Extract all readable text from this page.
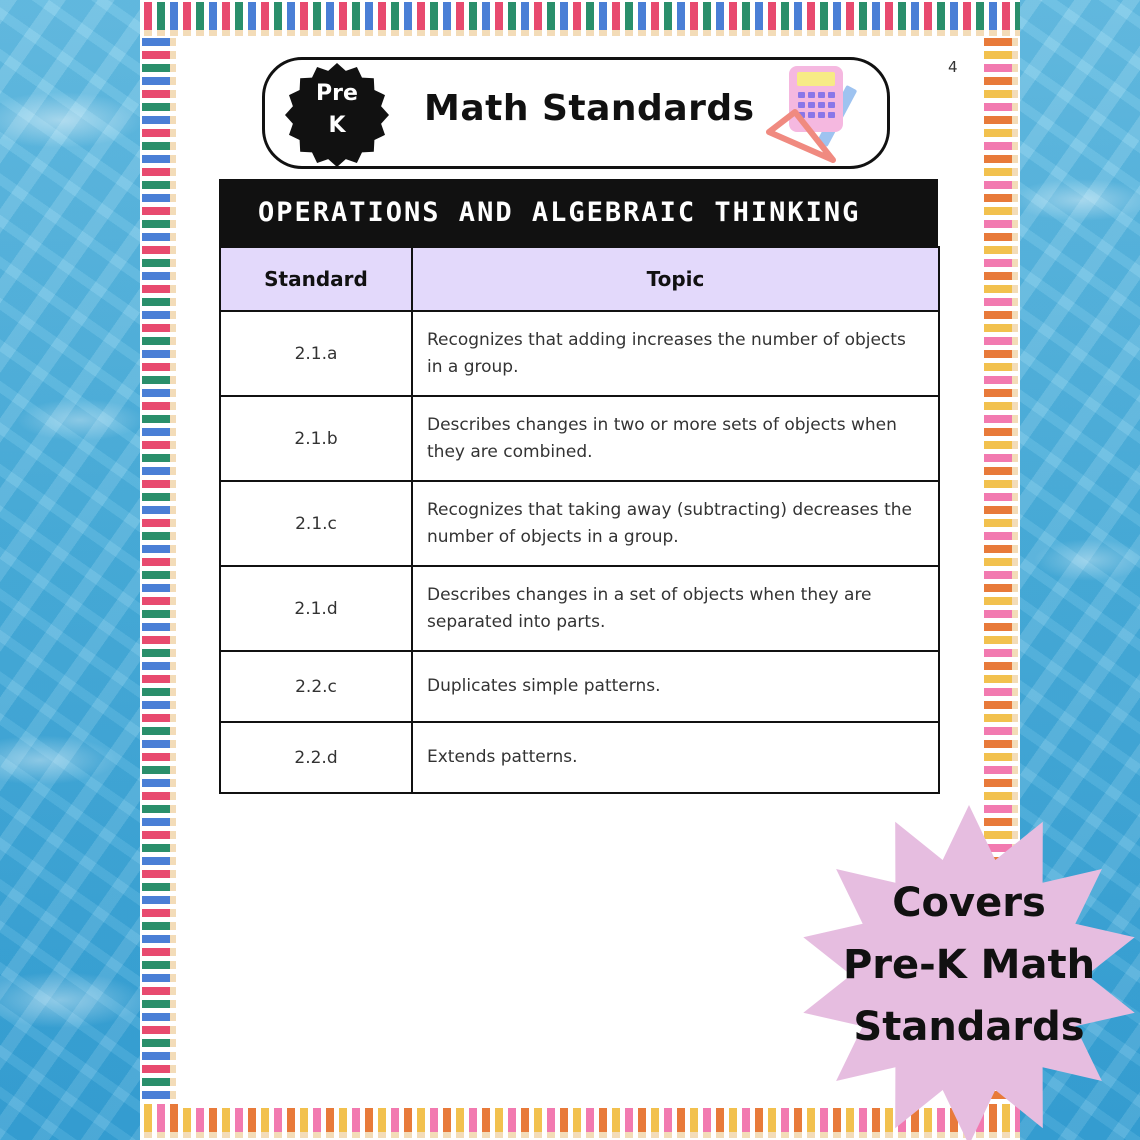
4
Pre
K	Math Standards
OPERATIONS AND ALGEBRAIC THINKING
Standard	Topic
2.1.a	Recognizes that adding increases the number of objects in a group.
2.1.b	Describes changes in two or more sets of objects when they are combined.
2.1.c	Recognizes that taking away (subtracting) decreases the number of objects in a group.
2.1.d	Describes changes in a set of objects when they are separated into parts.
2.2.c	Duplicates simple patterns.
2.2.d	Extends patterns.
Covers
Pre-K Math
Standards
